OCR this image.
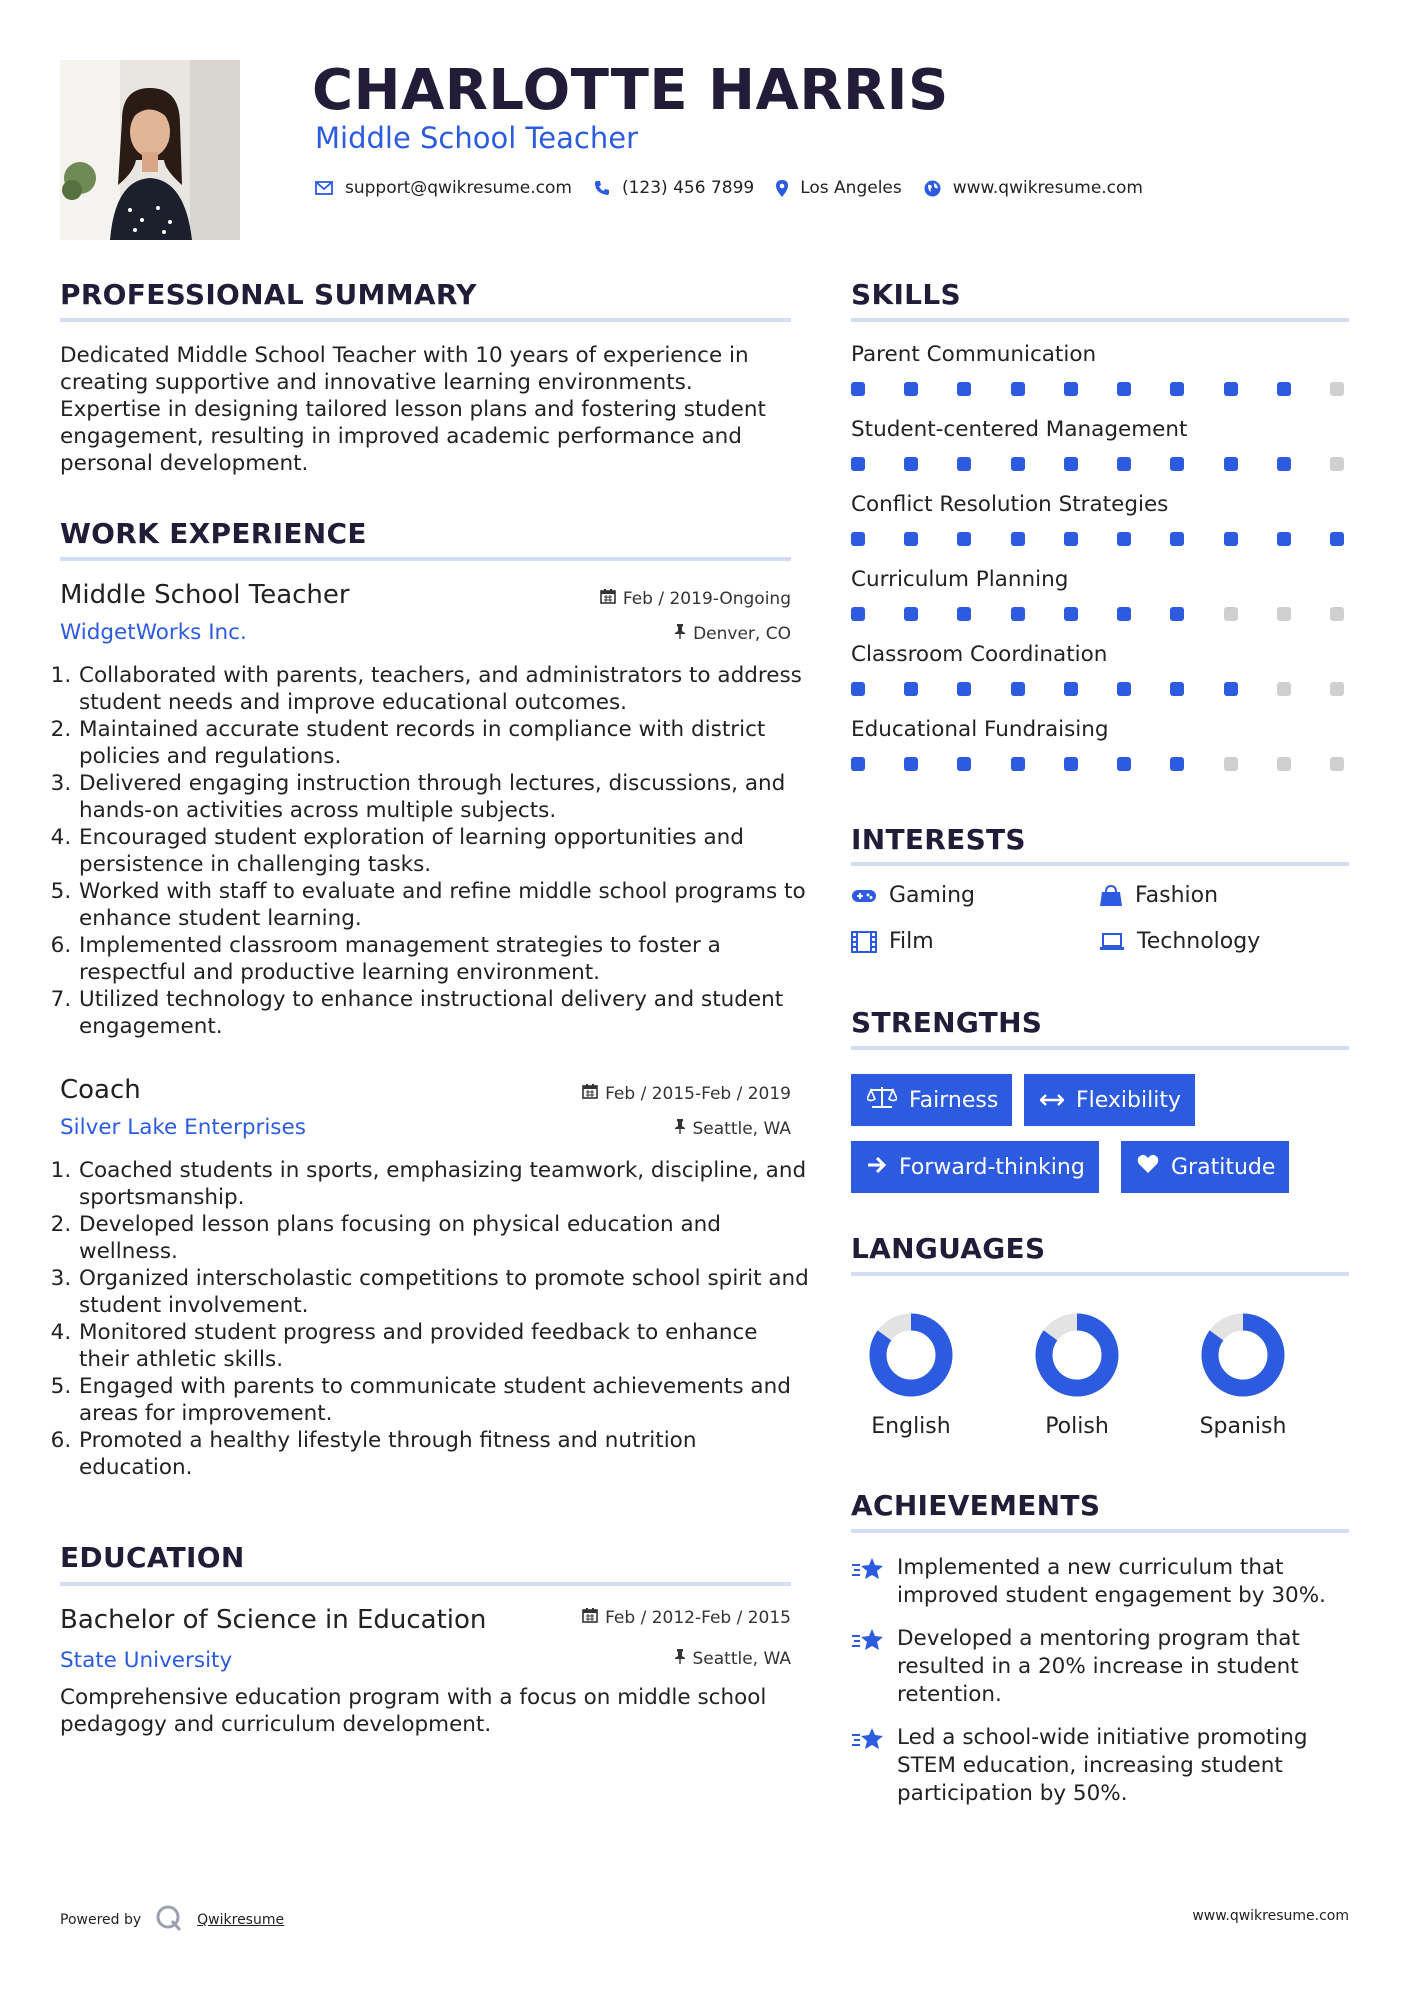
CHARLOTTE HARRIS
Middle School Teacher
support@qwikresume.com	(123) 456 7899	Los Angeles	www.qwikresume.com
PROFESSIONAL SUMMARY
Dedicated Middle School Teacher with 10 years of experience in creating supportive and innovative learning environments. Expertise in designing tailored lesson plans and fostering student engagement, resulting in improved academic performance and personal development.
WORK EXPERIENCE
Middle School Teacher	Feb / 2019-Ongoing
WidgetWorks Inc.	Denver, CO
1. Collaborated with parents, teachers, and administrators to address student needs and improve educational outcomes.
2. Maintained accurate student records in compliance with district policies and regulations.
3. Delivered engaging instruction through lectures, discussions, and hands-on activities across multiple subjects.
4. Encouraged student exploration of learning opportunities and persistence in challenging tasks.
5. Worked with staff to evaluate and refine middle school programs to enhance student learning.
6. Implemented classroom management strategies to foster a respectful and productive learning environment.
7. Utilized technology to enhance instructional delivery and student engagement.
Coach	Feb / 2015-Feb / 2019
Silver Lake Enterprises	Seattle, WA
1. Coached students in sports, emphasizing teamwork, discipline, and sportsmanship.
2. Developed lesson plans focusing on physical education and wellness.
3. Organized interscholastic competitions to promote school spirit and student involvement.
4. Monitored student progress and provided feedback to enhance their athletic skills.
5. Engaged with parents to communicate student achievements and areas for improvement.
6. Promoted a healthy lifestyle through fitness and nutrition education.
EDUCATION
Bachelor of Science in Education	Feb / 2012-Feb / 2015
State University	Seattle, WA
Comprehensive education program with a focus on middle school pedagogy and curriculum development.
SKILLS
Parent Communication
Student-centered Management
Conflict Resolution Strategies
Curriculum Planning
Classroom Coordination
Educational Fundraising
INTERESTS
Gaming	Fashion
Film	Technology
STRENGTHS
Fairness	Flexibility
Forward-thinking	Gratitude
LANGUAGES
English	Polish	Spanish
ACHIEVEMENTS
Implemented a new curriculum that improved student engagement by 30%.
Developed a mentoring program that resulted in a 20% increase in student retention.
Led a school-wide initiative promoting STEM education, increasing student participation by 50%.
Powered by	Qwikresume	www.qwikresume.com
